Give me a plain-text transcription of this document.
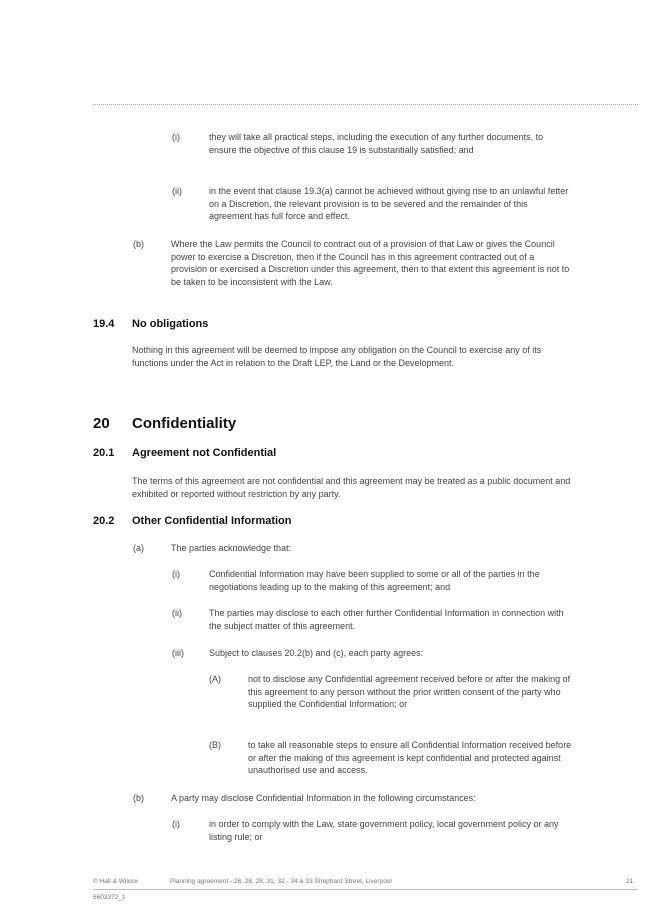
(i)	they will take all practical steps, including the execution of any further documents, to ensure the objective of this clause 19 is substantially satisfied; and

(ii)	in the event that clause 19.3(a) cannot be achieved without giving rise to an unlawful fetter on a Discretion, the relevant provision is to be severed and the remainder of this agreement has full force and effect.

(b)	Where the Law permits the Council to contract out of a provision of that Law or gives the Council power to exercise a Discretion, then if the Council has in this agreement contracted out of a provision or exercised a Discretion under this agreement, then to that extent this agreement is not to be taken to be inconsistent with the Law.

19.4 No obligations

Nothing in this agreement will be deemed to impose any obligation on the Council to exercise any of its functions under the Act in relation to the Draft LEP, the Land or the Development.

20 Confidentiality
20.1 Agreement not Confidential

The terms of this agreement are not confidential and this agreement may be treated as a public document and exhibited or reported without restriction by any party.

20.2 Other Confidential Information
(a)	The parties acknowledge that:

(i)	Confidential Information may have been supplied to some or all of the parties in the negotiations leading up to the making of this agreement; and

(ii)	The parties may disclose to each other further Confidential Information in connection with the subject matter of this agreement.

(iii)	Subject to clauses 20.2(b) and (c), each party agrees:

(A)	not to disclose any Confidential agreement received before or after the making of this agreement to any person without the prior written consent of the party who supplied the Confidential Information; or

(B)	to take all reasonable steps to ensure all Confidential Information received before or after the making of this agreement is kept confidential and protected against unauthorised use and access.

(b)	A party may disclose Confidential Information in the following circumstances:

(i)	in order to comply with the Law, state government policy, local government policy or any listing rule; or

© Hall & Wilcox	Planning agreement - 26, 28, 28, 31, 32 - 34 & 33 Shephard Street, Liverpool	21
6603372_1
